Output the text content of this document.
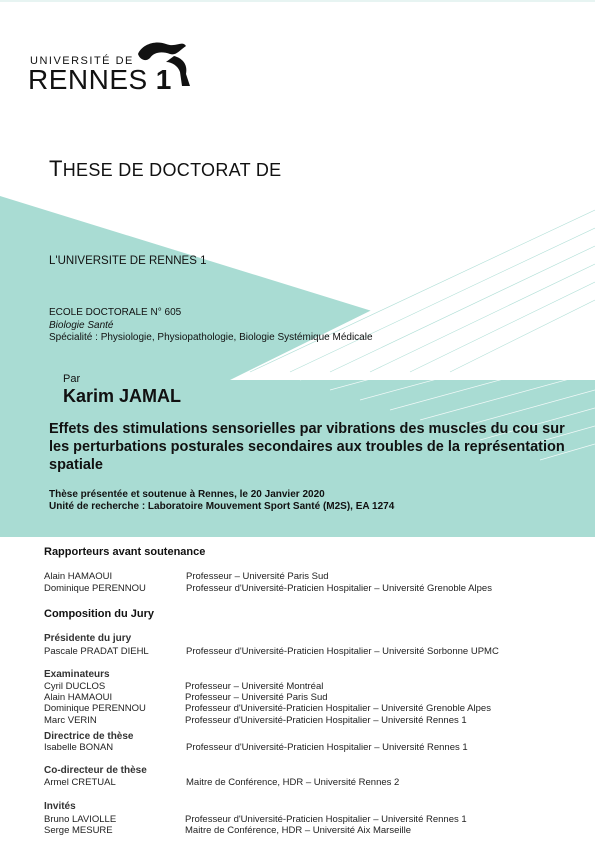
UNIVERSITÉ DE
RENNES 1
THESE DE DOCTORAT DE
L'UNIVERSITE DE RENNES 1
ECOLE DOCTORALE N° 605
Biologie Santé
Spécialité : Physiologie, Physiopathologie, Biologie Systémique Médicale
Par
Karim JAMAL
Effets des stimulations sensorielles par vibrations des muscles du cou sur les perturbations posturales secondaires aux troubles de la représentation spatiale
Thèse présentée et soutenue à Rennes, le 20 Janvier 2020
Unité de recherche : Laboratoire Mouvement Sport Santé (M2S), EA 1274
Rapporteurs avant soutenance
Alain HAMAOUI	Professeur – Université Paris Sud
Dominique PERENNOU	Professeur d'Université-Praticien Hospitalier – Université Grenoble Alpes
Composition du Jury
Présidente du jury
Pascale PRADAT DIEHL	Professeur d'Université-Praticien Hospitalier – Université Sorbonne UPMC
Examinateurs
Cyril DUCLOS	Professeur – Université Montréal
Alain HAMAOUI	Professeur – Université Paris Sud
Dominique PERENNOU	Professeur d'Université-Praticien Hospitalier – Université Grenoble Alpes
Marc VERIN	Professeur d'Université-Praticien Hospitalier – Université Rennes 1
Directrice de thèse
Isabelle BONAN	Professeur d'Université-Praticien Hospitalier – Université Rennes 1
Co-directeur de thèse
Armel CRETUAL	Maitre de Conférence, HDR – Université Rennes 2
Invités
Bruno LAVIOLLE	Professeur d'Université-Praticien Hospitalier – Université Rennes 1
Serge MESURE	Maitre de Conférence, HDR – Université Aix Marseille
